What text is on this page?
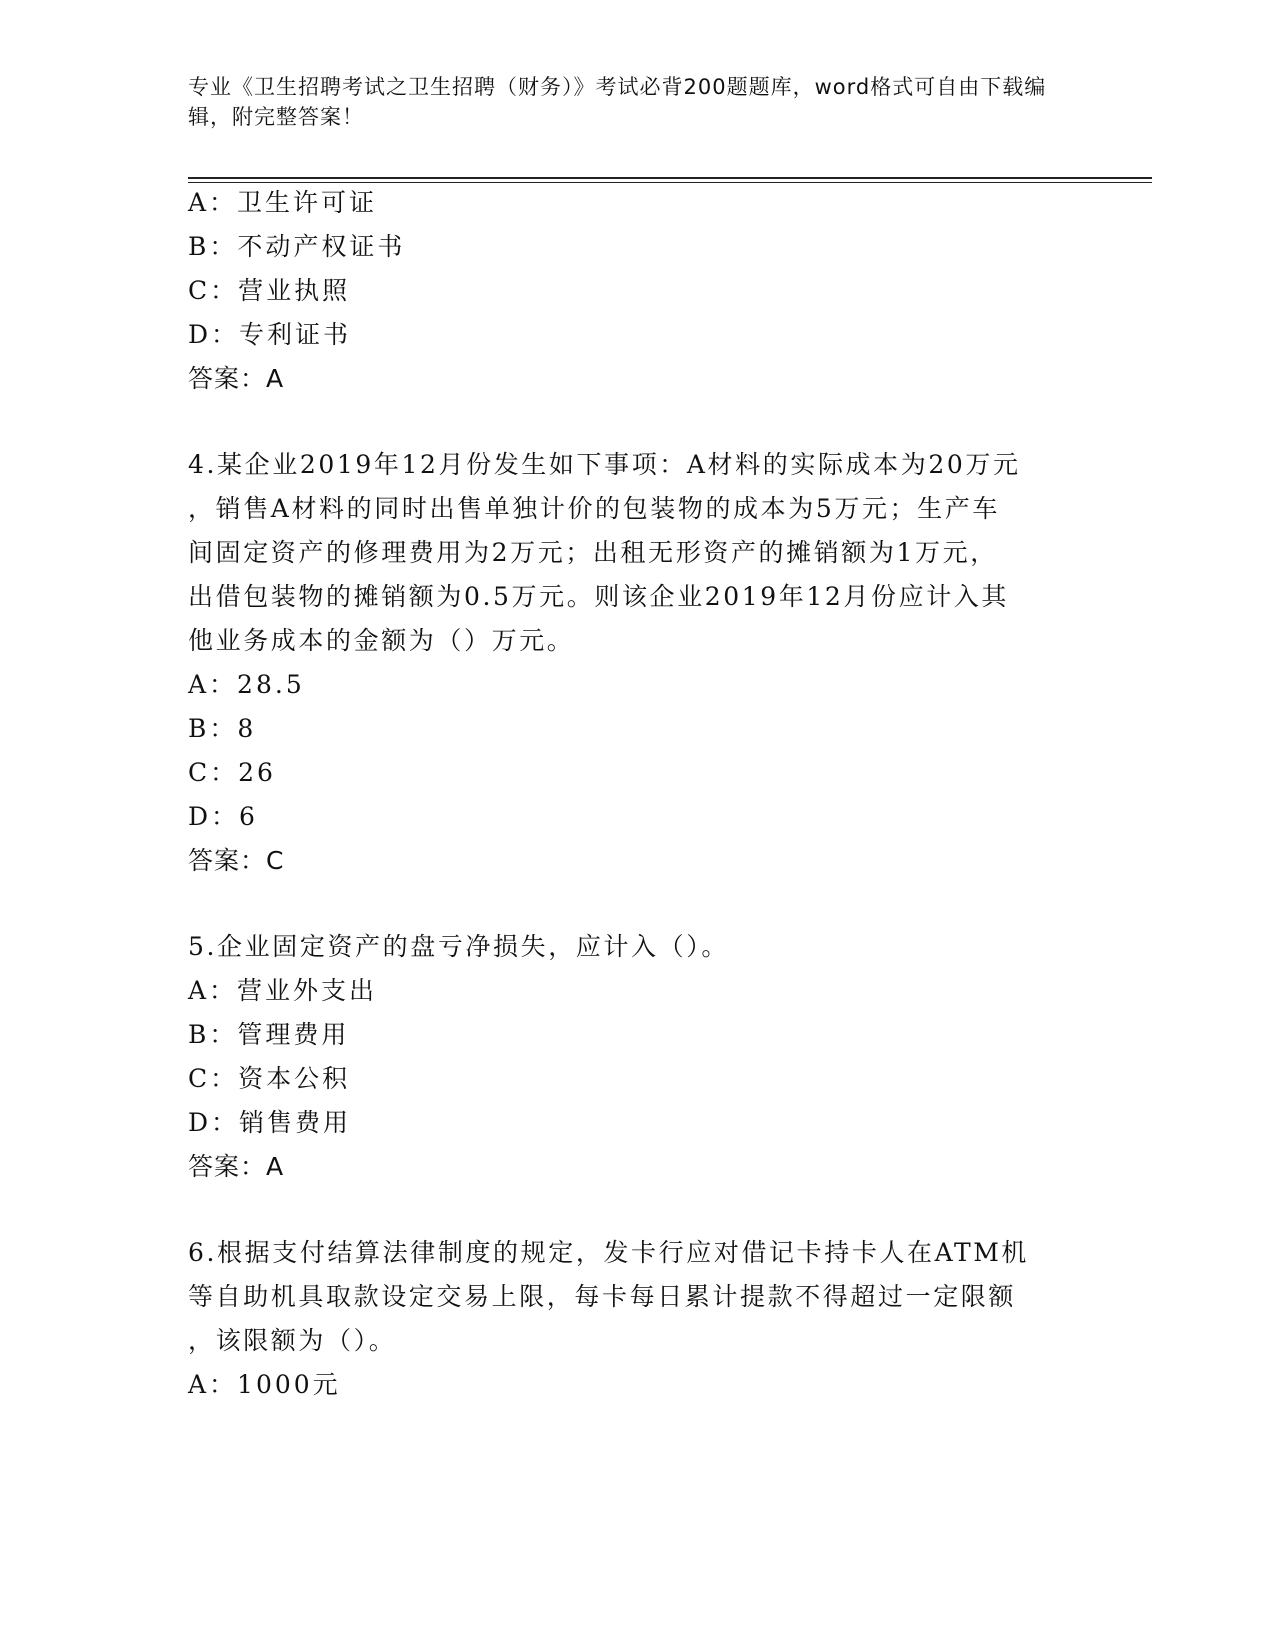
专业《卫生招聘考试之卫生招聘（财务）》考试必背200题题库，word格式可自由下载编辑，附完整答案！
A：卫生许可证
B：不动产权证书
C：营业执照
D：专利证书
答案：A
4.某企业2019年12月份发生如下事项：A材料的实际成本为20万元
，销售A材料的同时出售单独计价的包装物的成本为5万元；生产车
间固定资产的修理费用为2万元；出租无形资产的摊销额为1万元，
出借包装物的摊销额为0.5万元。则该企业2019年12月份应计入其
他业务成本的金额为（）万元。
A：28.5
B：8
C：26
D：6
答案：C
5.企业固定资产的盘亏净损失，应计入（）。
A：营业外支出
B：管理费用
C：资本公积
D：销售费用
答案：A
6.根据支付结算法律制度的规定，发卡行应对借记卡持卡人在ATM机
等自助机具取款设定交易上限，每卡每日累计提款不得超过一定限额
，该限额为（）。
A：1000元
